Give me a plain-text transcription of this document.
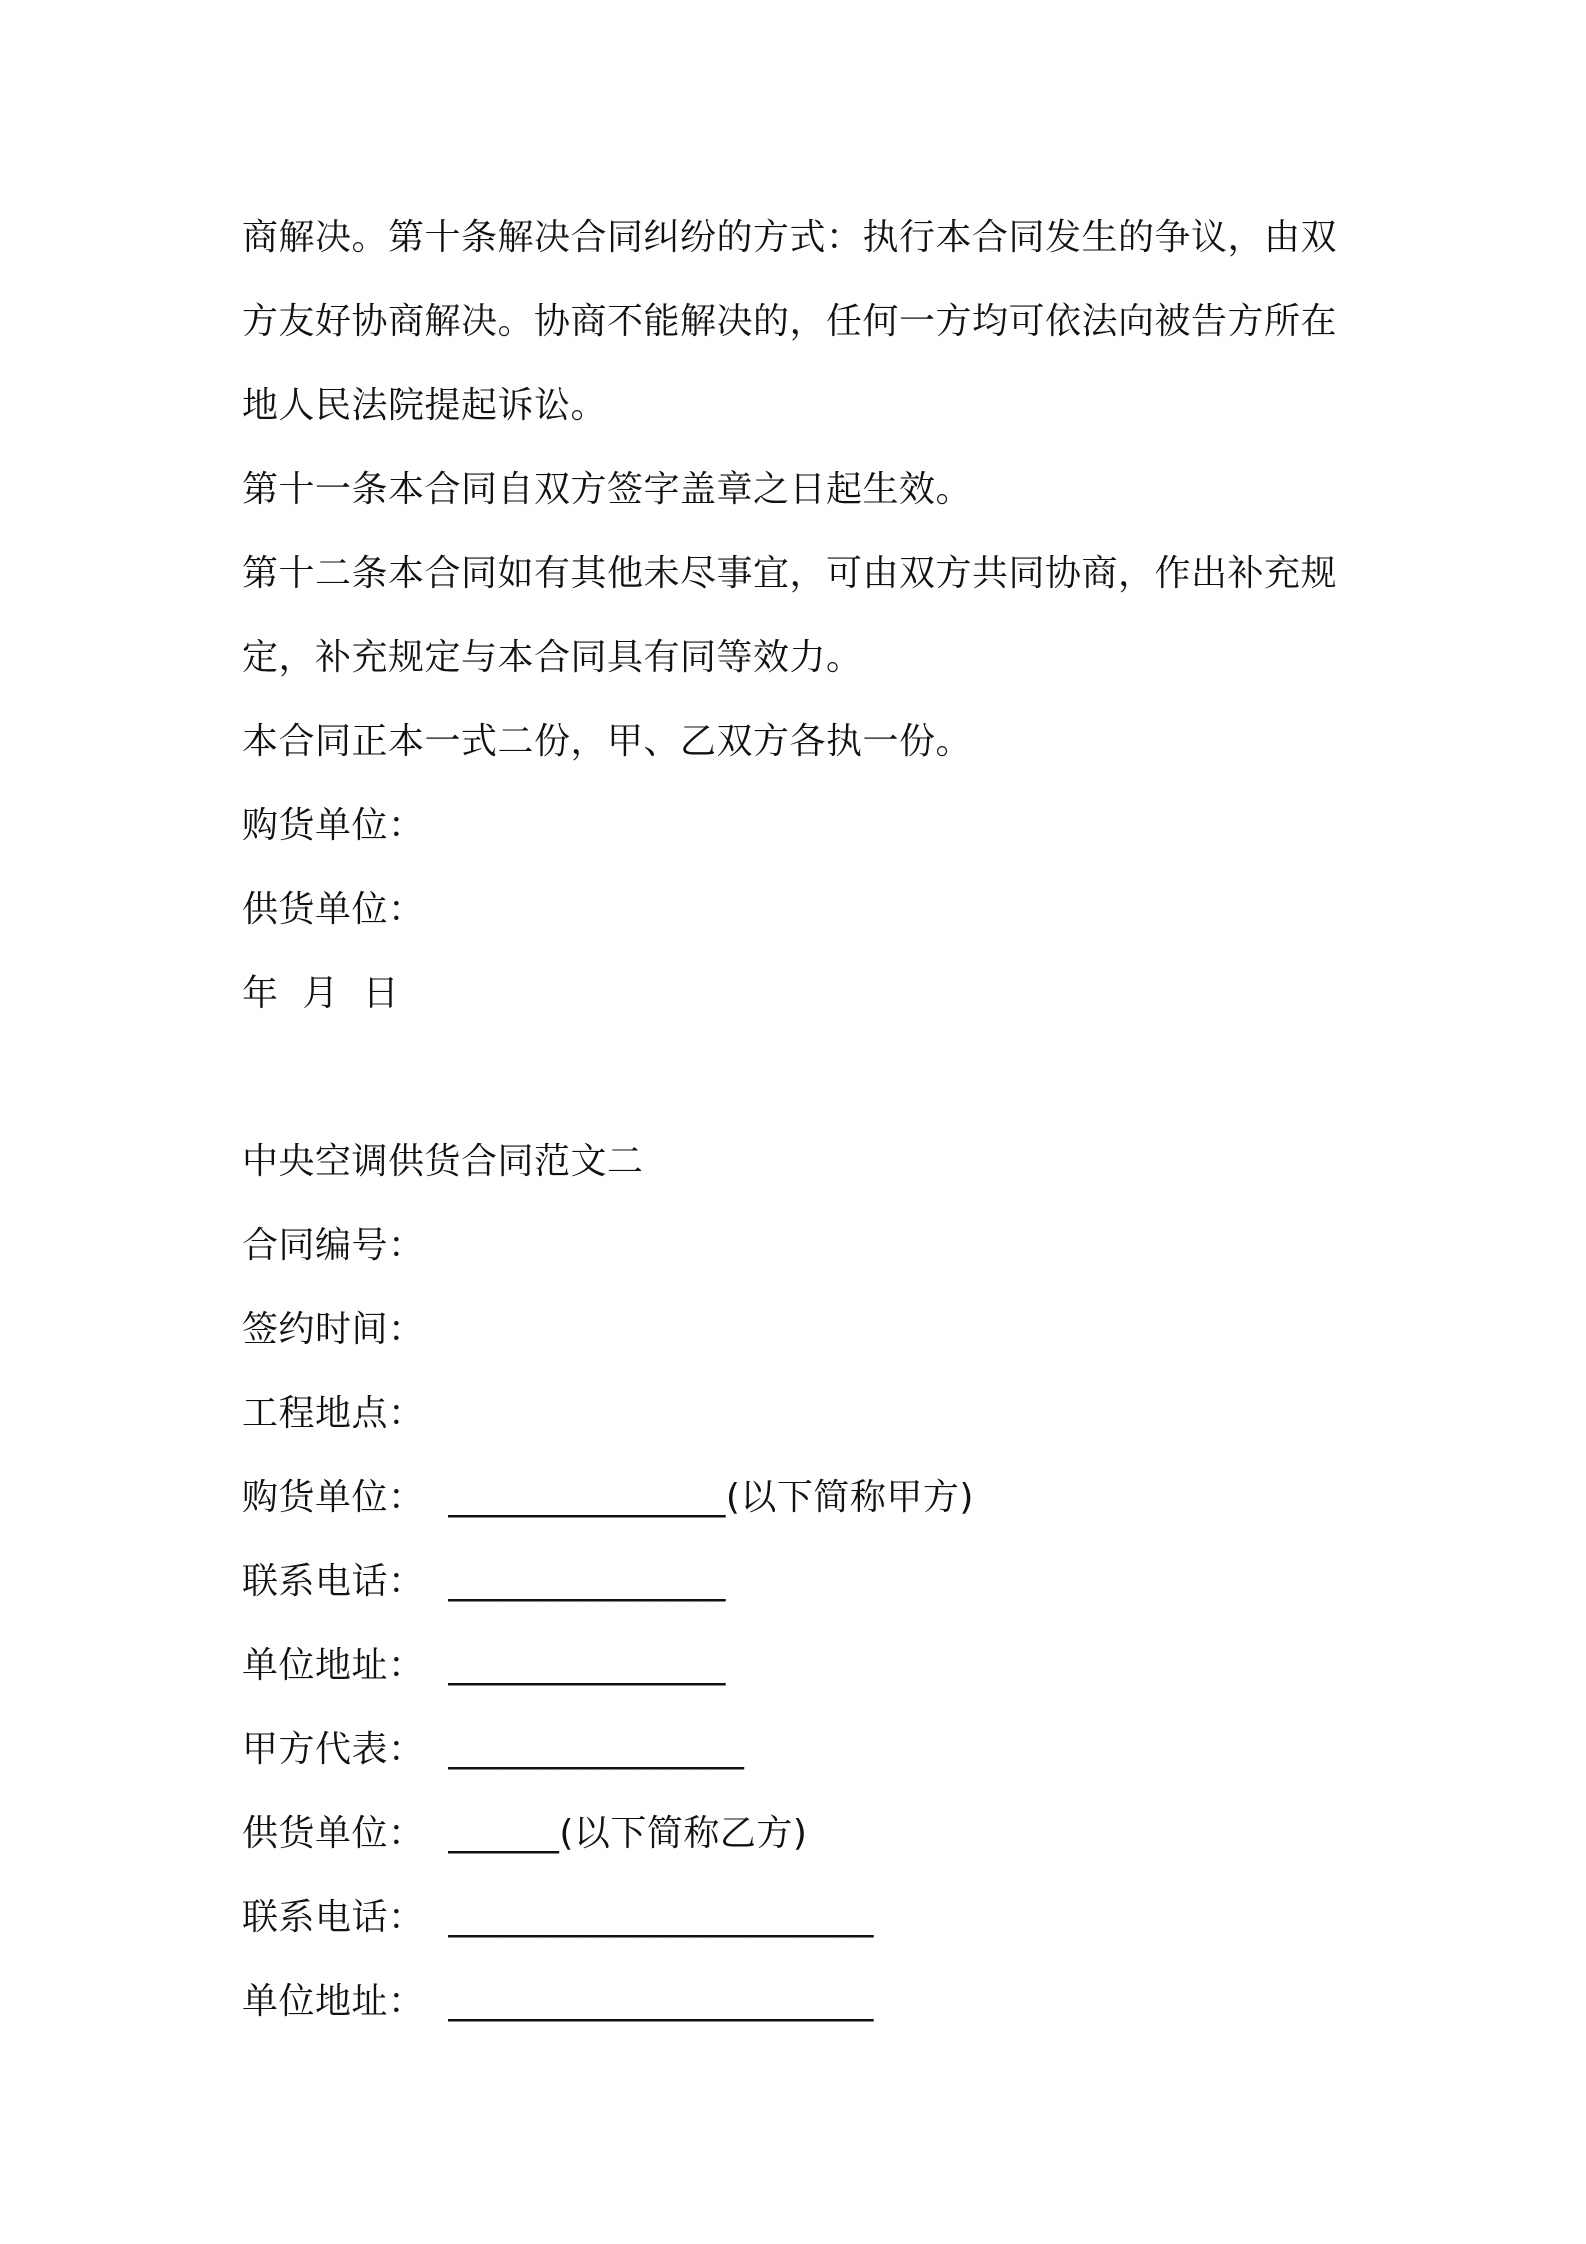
商解决。第十条解决合同纠纷的方式：执行本合同发生的争议，由双
方友好协商解决。协商不能解决的，任何一方均可依法向被告方所在
地人民法院提起诉讼。
第十一条本合同自双方签字盖章之日起生效。
第十二条本合同如有其他未尽事宜，可由双方共同协商，作出补充规
定，补充规定与本合同具有同等效力。
本合同正本一式二份，甲、乙双方各执一份。
购货单位：
供货单位：
年  月  日
中央空调供货合同范文二
合同编号：
签约时间：
工程地点：
购货单位：  _______________(以下简称甲方)
联系电话：  _______________
单位地址：  _______________
甲方代表：  ________________
供货单位：  ______(以下简称乙方)
联系电话：  _______________________
单位地址：  _______________________
